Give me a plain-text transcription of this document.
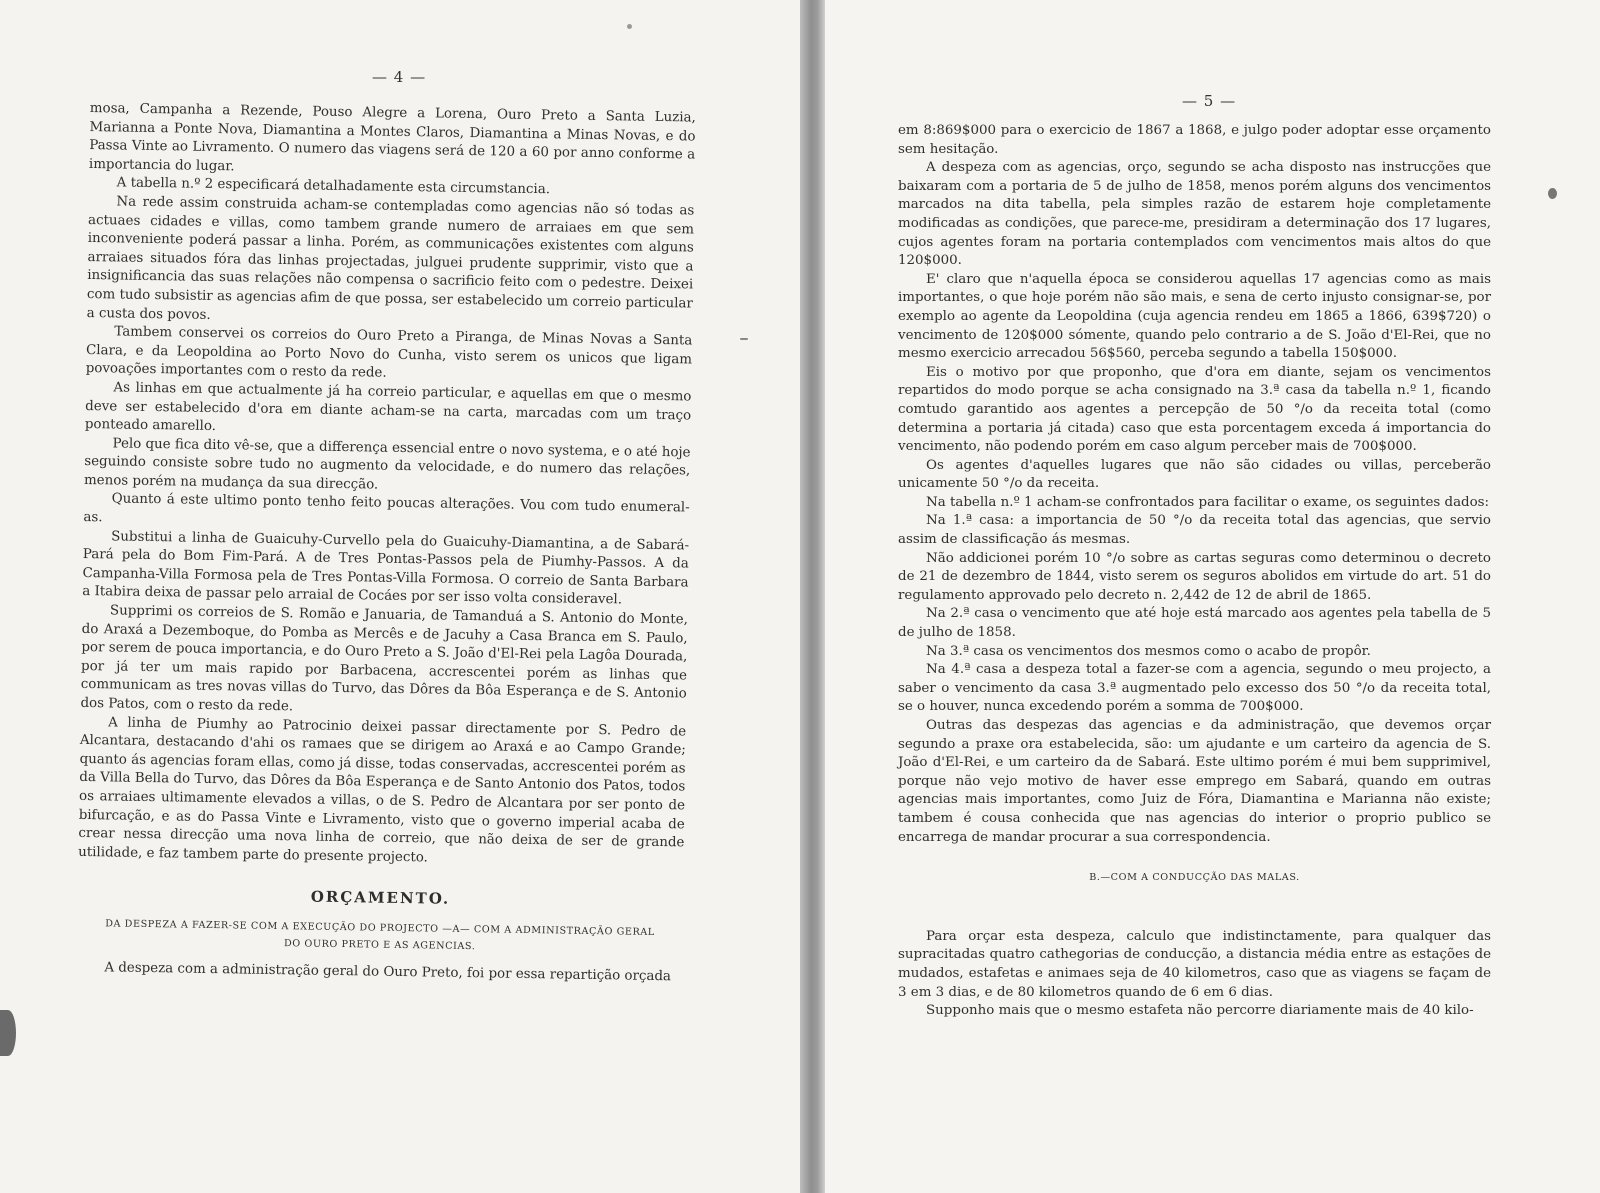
— 4 —

mosa, Campanha a Rezende, Pouso Alegre a Lorena, Ouro Preto a Santa Luzia, Marianna a Ponte Nova, Diamantina a Montes Claros, Diamantina a Minas Novas, e do Passa Vinte ao Livramento. O numero das viagens será de 120 a 60 por anno conforme a importancia do lugar.

A tabella n.º 2 especificará detalhadamente esta circumstancia.

Na rede assim construida acham-se contempladas como agencias não só todas as actuaes cidades e villas, como tambem grande numero de arraiaes em que sem inconveniente poderá passar a linha. Porém, as communicações existentes com alguns arraiaes situados fóra das linhas projectadas, julguei prudente supprimir, visto que a insignificancia das suas relações não compensa o sacrificio feito com o pedestre. Deixei com tudo subsistir as agencias afim de que possa, ser estabelecido um correio particular a custa dos povos.

Tambem conservei os correios do Ouro Preto a Piranga, de Minas Novas a Santa Clara, e da Leopoldina ao Porto Novo do Cunha, visto serem os unicos que ligam povoações importantes com o resto da rede.

As linhas em que actualmente já ha correio particular, e aquellas em que o mesmo deve ser estabelecido d'ora em diante acham-se na carta, marcadas com um traço ponteado amarello.

Pelo que fica dito vê-se, que a differença essencial entre o novo systema, e o até hoje seguindo consiste sobre tudo no augmento da velocidade, e do numero das relações, menos porém na mudança da sua direcção.

Quanto á este ultimo ponto tenho feito poucas alterações. Vou com tudo enumeral-as.

Substitui a linha de Guaicuhy-Curvello pela do Guaicuhy-Diamantina, a de Sabará-Pará pela do Bom Fim-Pará. A de Tres Pontas-Passos pela de Piumhy-Passos. A da Campanha-Villa Formosa pela de Tres Pontas-Villa Formosa. O correio de Santa Barbara a Itabira deixa de passar pelo arraial de Cocáes por ser isso volta consideravel.

Supprimi os correios de S. Romão e Januaria, de Tamanduá a S. Antonio do Monte, do Araxá a Dezemboque, do Pomba as Mercês e de Jacuhy a Casa Branca em S. Paulo, por serem de pouca importancia, e do Ouro Preto a S. João d'El-Rei pela Lagôa Dourada, por já ter um mais rapido por Barbacena, accrescentei porém as linhas que communicam as tres novas villas do Turvo, das Dôres da Bôa Esperança e de S. Antonio dos Patos, com o resto da rede.

A linha de Piumhy ao Patrocinio deixei passar directamente por S. Pedro de Alcantara, destacando d'ahi os ramaes que se dirigem ao Araxá e ao Campo Grande; quanto ás agencias foram ellas, como já disse, todas conservadas, accrescentei porém as da Villa Bella do Turvo, das Dôres da Bôa Esperança e de Santo Antonio dos Patos, todos os arraiaes ultimamente elevados a villas, o de S. Pedro de Alcantara por ser ponto de bifurcação, e as do Passa Vinte e Livramento, visto que o governo imperial acaba de crear nessa direcção uma nova linha de correio, que não deixa de ser de grande utilidade, e faz tambem parte do presente projecto.

ORÇAMENTO.
DA DESPEZA A FAZER-SE COM A EXECUÇÃO DO PROJECTO —A— COM A ADMINISTRAÇÃO GERAL
DO OURO PRETO E AS AGENCIAS.

A despeza com a administração geral do Ouro Preto, foi por essa repartição orçada

— 5 —

em 8:869$000 para o exercicio de 1867 a 1868, e julgo poder adoptar esse orçamento sem hesitação.

A despeza com as agencias, orço, segundo se acha disposto nas instrucções que baixaram com a portaria de 5 de julho de 1858, menos porém alguns dos vencimentos marcados na dita tabella, pela simples razão de estarem hoje completamente modificadas as condições, que parece-me, presidiram a determinação dos 17 lugares, cujos agentes foram na portaria contemplados com vencimentos mais altos do que 120$000.

E' claro que n'aquella época se considerou aquellas 17 agencias como as mais importantes, o que hoje porém não são mais, e sena de certo injusto consignar-se, por exemplo ao agente da Leopoldina (cuja agencia rendeu em 1865 a 1866, 639$720) o vencimento de 120$000 sómente, quando pelo contrario a de S. João d'El-Rei, que no mesmo exercicio arrecadou 56$560, perceba segundo a tabella 150$000.

Eis o motivo por que proponho, que d'ora em diante, sejam os vencimentos repartidos do modo porque se acha consignado na 3.ª casa da tabella n.º 1, ficando comtudo garantido aos agentes a percepção de 50 °/o da receita total (como determina a portaria já citada) caso que esta porcentagem exceda á importancia do vencimento, não podendo porém em caso algum perceber mais de 700$000.

Os agentes d'aquelles lugares que não são cidades ou villas, perceberão unicamente 50 °/o da receita.

Na tabella n.º 1 acham-se confrontados para facilitar o exame, os seguintes dados:

Na 1.ª casa: a importancia de 50 °/o da receita total das agencias, que servio assim de classificação ás mesmas.

Não addicionei porém 10 °/o sobre as cartas seguras como determinou o decreto de 21 de dezembro de 1844, visto serem os seguros abolidos em virtude do art. 51 do regulamento approvado pelo decreto n. 2,442 de 12 de abril de 1865.

Na 2.ª casa o vencimento que até hoje está marcado aos agentes pela tabella de 5 de julho de 1858.

Na 3.ª casa os vencimentos dos mesmos como o acabo de propôr.

Na 4.ª casa a despeza total a fazer-se com a agencia, segundo o meu projecto, a saber o vencimento da casa 3.ª augmentado pelo excesso dos 50 °/o da receita total, se o houver, nunca excedendo porém a somma de 700$000.

Outras das despezas das agencias e da administração, que devemos orçar segundo a praxe ora estabelecida, são: um ajudante e um carteiro da agencia de S. João d'El-Rei, e um carteiro da de Sabará. Este ultimo porém é mui bem supprimivel, porque não vejo motivo de haver esse emprego em Sabará, quando em outras agencias mais importantes, como Juiz de Fóra, Diamantina e Marianna não existe; tambem é cousa conhecida que nas agencias do interior o proprio publico se encarrega de mandar procurar a sua correspondencia.

B.—COM A CONDUCÇÃO DAS MALAS.

Para orçar esta despeza, calculo que indistinctamente, para qualquer das supracitadas quatro cathegorias de conducção, a distancia média entre as estações de mudados, estafetas e animaes seja de 40 kilometros, caso que as viagens se façam de 3 em 3 dias, e de 80 kilometros quando de 6 em 6 dias.

Supponho mais que o mesmo estafeta não percorre diariamente mais de 40 kilo-
